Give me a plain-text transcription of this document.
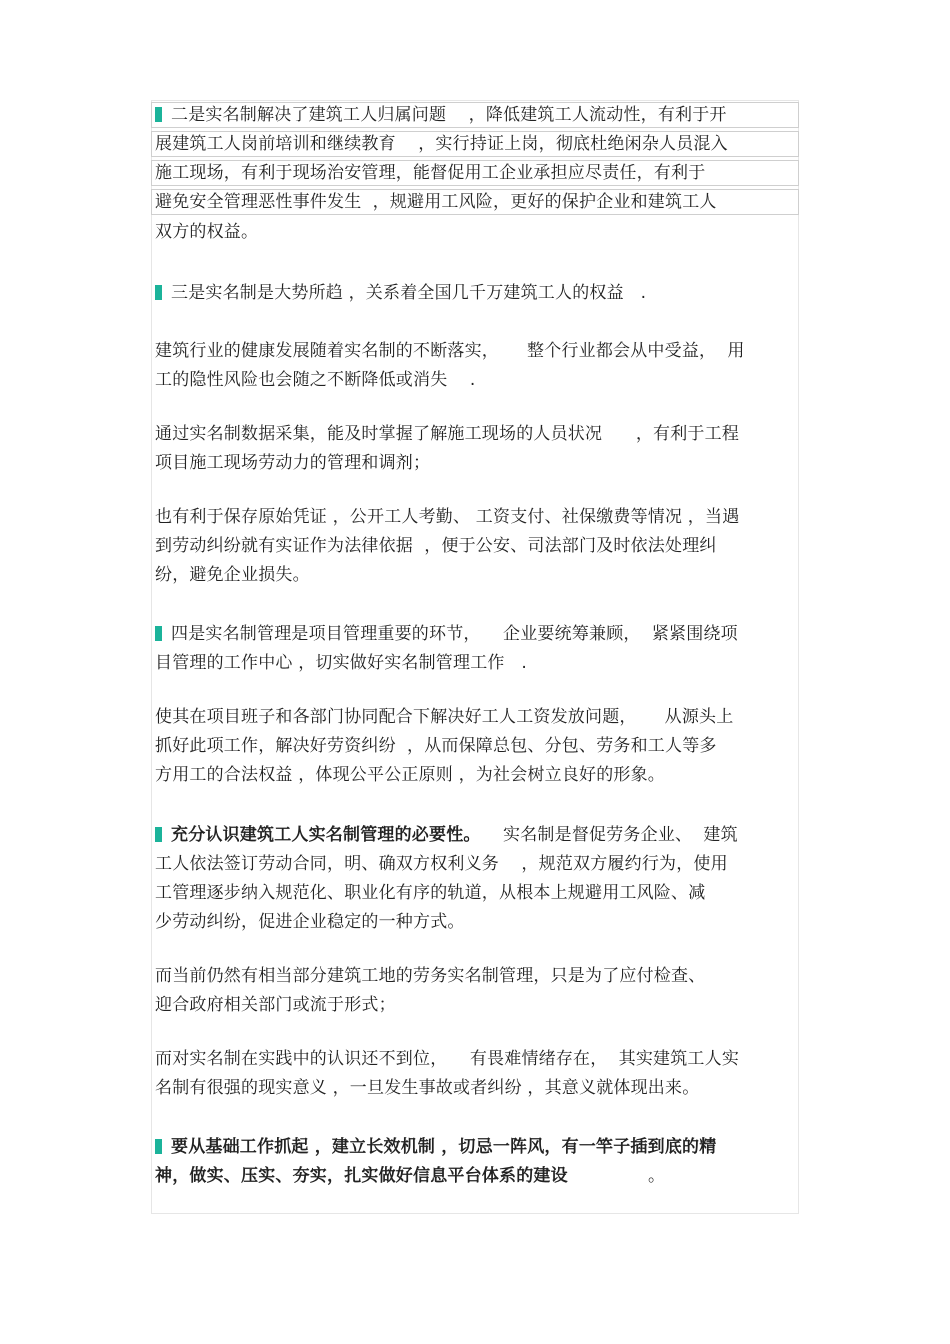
二是实名制解决了建筑工人归属问题    ，降低建筑工人流动性，有利于开
展建筑工人岗前培训和继续教育    ，实行持证上岗，彻底杜绝闲杂人员混入
施工现场，有利于现场治安管理，能督促用工企业承担应尽责任，有利于
避免安全管理恶性事件发生  ，规避用工风险，更好的保护企业和建筑工人
双方的权益。
三是实名制是大势所趋 ，关系着全国几千万建筑工人的权益   .
建筑行业的健康发展随着实名制的不断落实，     整个行业都会从中受益，  用
工的隐性风险也会随之不断降低或消失    .
通过实名制数据采集，能及时掌握了解施工现场的人员状况      ，有利于工程
项目施工现场劳动力的管理和调剂；
也有利于保存原始凭证 ，公开工人考勤、 工资支付、社保缴费等情况 ，当遇
到劳动纠纷就有实证作为法律依据  ，便于公安、司法部门及时依法处理纠
纷，避免企业损失。
四是实名制管理是项目管理重要的环节，    企业要统筹兼顾，  紧紧围绕项
目管理的工作中心 ，切实做好实名制管理工作   .
使其在项目班子和各部门协同配合下解决好工人工资发放问题，     从源头上
抓好此项工作，解决好劳资纠纷  ，从而保障总包、分包、劳务和工人等多
方用工的合法权益 ，体现公平公正原则 ，为社会树立良好的形象。
充分认识建筑工人实名制管理的必要性。    实名制是督促劳务企业、  建筑
工人依法签订劳动合同，明、确双方权利义务    ，规范双方履约行为，使用
工管理逐步纳入规范化、职业化有序的轨道，从根本上规避用工风险、减
少劳动纠纷，促进企业稳定的一种方式。
而当前仍然有相当部分建筑工地的劳务实名制管理，只是为了应付检查、
迎合政府相关部门或流于形式；
而对实名制在实践中的认识还不到位，    有畏难情绪存在，  其实建筑工人实
名制有很强的现实意义 ，一旦发生事故或者纠纷 ，其意义就体现出来。
要从基础工作抓起 ，建立长效机制 ，切忌一阵风，有一竿子插到底的精
神，做实、压实、夯实，扎实做好信息平台体系的建设	。
